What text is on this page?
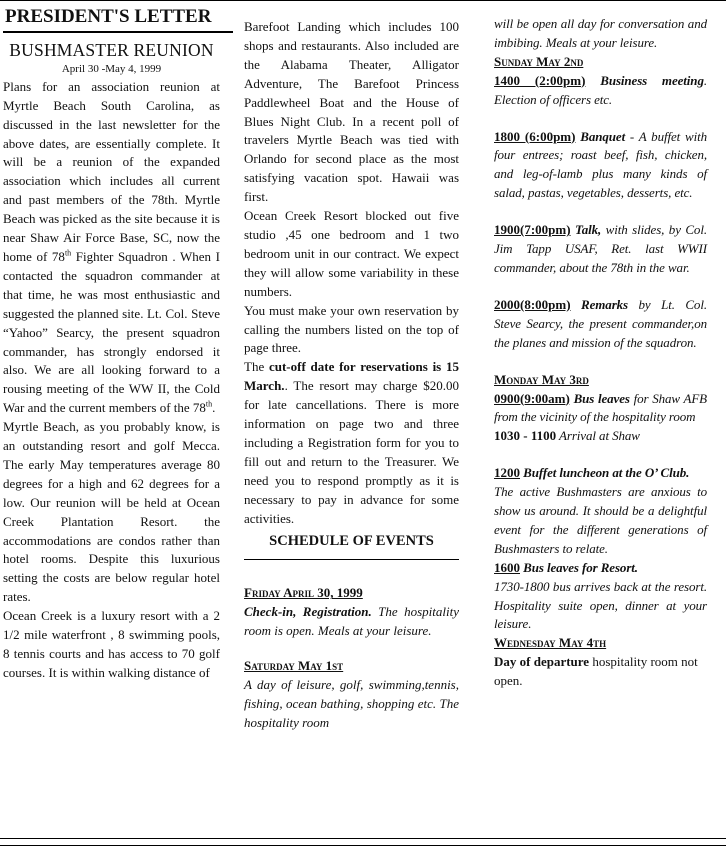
PRESIDENT'S LETTER
BUSHMASTER REUNION
April 30 -May 4, 1999

Plans for an association reunion at Myrtle Beach South Carolina, as discussed in the last newsletter for the above dates, are essentially complete. It will be a reunion of the expanded association which includes all current and past members of the 78th. Myrtle Beach was picked as the site because it is near Shaw Air Force Base, SC, now the home of 78th Fighter Squadron . When I contacted the squadron commander at that time, he was most enthusiastic and suggested the planned site. Lt. Col. Steve “Yahoo” Searcy, the present squadron commander, has strongly endorsed it also. We are all looking forward to a rousing meeting of the WW II, the Cold War and the current members of the 78th.

Myrtle Beach, as you probably know, is an outstanding resort and golf Mecca. The early May temperatures average 80 degrees for a high and 62 degrees for a low. Our reunion will be held at Ocean Creek Plantation Resort. the accommodations are condos rather than hotel rooms. Despite this luxurious setting the costs are below regular hotel rates.

Ocean Creek is a luxury resort with a 2 1/2 mile waterfront , 8 swimming pools, 8 tennis courts and has access to 70 golf courses. It is within walking distance of

Barefoot Landing which includes 100 shops and restaurants. Also included are the Alabama Theater, Alligator Adventure, The Barefoot Princess Paddlewheel Boat and the House of Blues Night Club. In a recent poll of travelers Myrtle Beach was tied with Orlando for second place as the most satisfying vacation spot. Hawaii was first.

Ocean Creek Resort blocked out five studio ,45 one bedroom and 1 two bedroom unit in our contract. We expect they will allow some variability in these numbers.

You must make your own reservation by calling the numbers listed on the top of page three.

The cut-off date for reservations is 15 March.. The resort may charge $20.00 for late cancellations. There is more information on page two and three including a Registration form for you to fill out and return to the Treasurer. We need you to respond promptly as it is necessary to pay in advance for some activities.

SCHEDULE OF EVENTS
Friday April 30, 1999

Check-in, Registration. The hospitality room is open. Meals at your leisure.

Saturday May 1st

A day of leisure, golf, swimming,tennis, fishing, ocean bathing, shopping etc. The hospitality room

will be open all day for conversation and imbibing. Meals at your leisure.

Sunday May 2nd

1400 (2:00pm) Business meeting. Election of officers etc.

1800 (6:00pm) Banquet - A buffet with four entrees; roast beef, fish, chicken, and leg-of-lamb plus many kinds of salad, pastas, vegetables, desserts, etc.

1900(7:00pm) Talk, with slides, by Col. Jim Tapp USAF, Ret. last WWII commander, about the 78th in the war.

2000(8:00pm) Remarks by Lt. Col. Steve Searcy, the present commander,on the planes and mission of the squadron.

Monday May 3rd

0900(9:00am) Bus leaves for Shaw AFB from the vicinity of the hospitality room

1030 - 1100 Arrival at Shaw

1200 Buffet luncheon at the O’ Club.

The active Bushmasters are anxious to show us around. It should be a delightful event for the different generations of Bushmasters to relate.

1600 Bus leaves for Resort.

1730-1800 bus arrives back at the resort. Hospitality suite open, dinner at your leisure.

Wednesday May 4th

Day of departure hospitality room not open.
